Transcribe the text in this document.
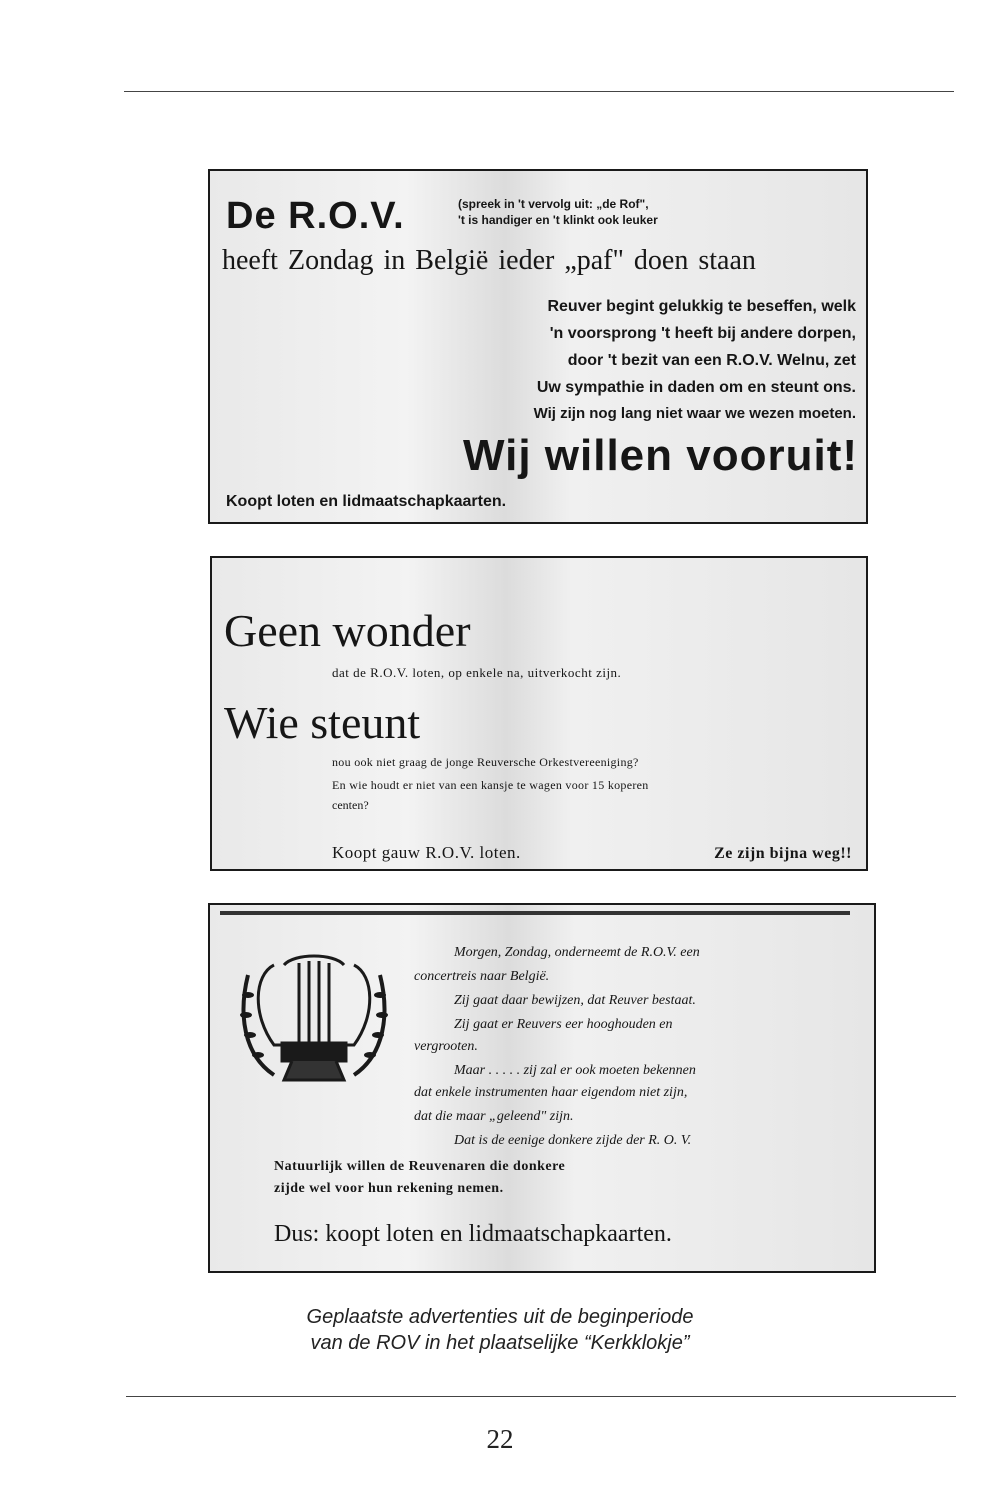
De R.O.V.	(spreek in 't vervolg uit: „de Rof",
't is handiger en 't klinkt ook leuker
heeft Zondag in België ieder „paf" doen staan
Reuver begint gelukkig te beseffen, welk
'n voorsprong 't heeft bij andere dorpen,
door 't bezit van een R.O.V. Welnu, zet
Uw sympathie in daden om en steunt ons.
Wij zijn nog lang niet waar we wezen moeten.
Wij willen vooruit!
Koopt loten en lidmaatschapkaarten.
Geen wonder
dat de R.O.V. loten, op enkele na, uitverkocht zijn.
Wie steunt
nou ook niet graag de jonge Reuversche Orkestvereeniging?
En wie houdt er niet van een kansje te wagen voor 15 koperen
centen?
Koopt gauw R.O.V. loten.	Ze zijn bijna weg!!
Morgen, Zondag, onderneemt de R.O.V. een
concertreis naar België.
Zij gaat daar bewijzen, dat Reuver bestaat.
Zij gaat er Reuvers eer hooghouden en
vergrooten.
Maar . . . . . zij zal er ook moeten bekennen
dat enkele instrumenten haar eigendom niet zijn,
dat die maar „geleend" zijn.
Dat is de eenige donkere zijde der R. O. V.
Natuurlijk willen de Reuvenaren die donkere
zijde wel voor hun rekening nemen.
Dus: koopt loten en lidmaatschapkaarten.
Geplaatste advertenties uit de beginperiode
van de ROV in het plaatselijke “Kerkklokje”
22
